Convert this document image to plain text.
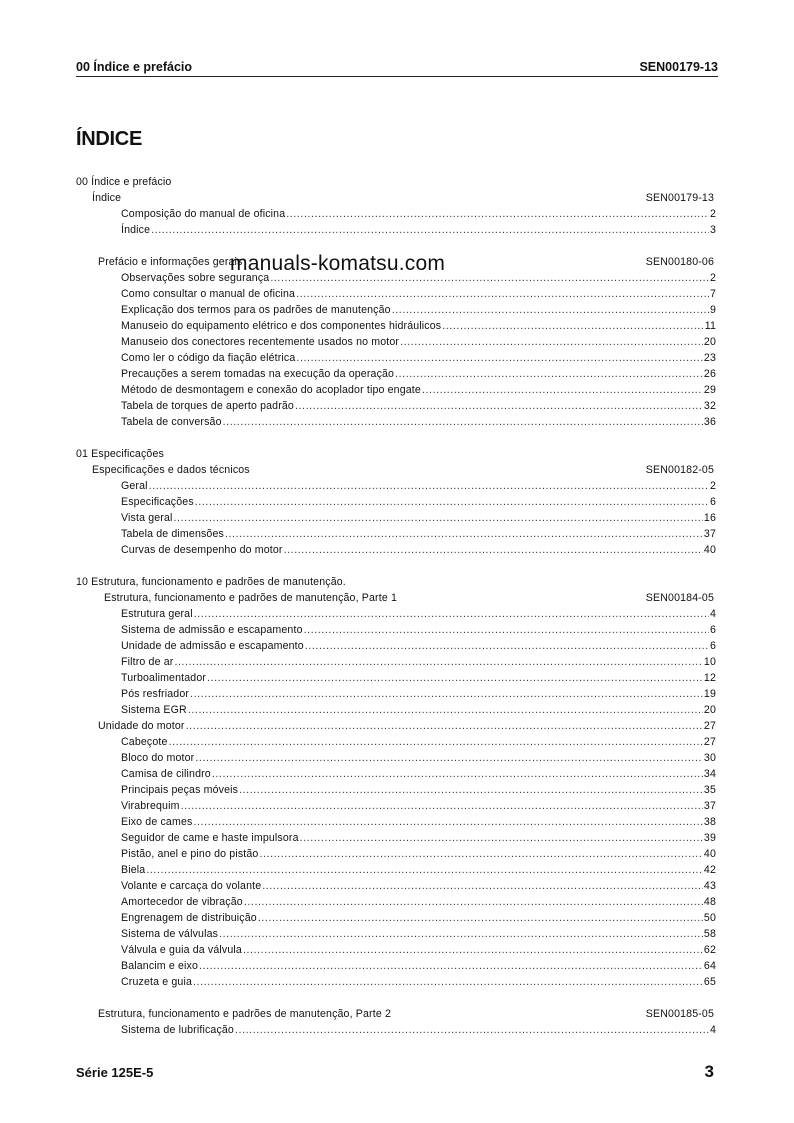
00 Índice e prefácio	SEN00179-13
ÍNDICE
00 Índice e prefácio
Índice	SEN00179-13
Composição do manual de oficina .....	2
Índice .....	3
Prefácio e informações gerais	SEN00180-06
Observações sobre segurança .....	2
Como consultar o manual de oficina .....	7
Explicação dos termos para os padrões de manutenção .....	9
Manuseio do equipamento elétrico e dos componentes hidráulicos .....	11
Manuseio dos conectores recentemente usados no motor .....	20
Como ler o código da fiação elétrica .....	23
Precauções a serem tomadas na execução da operação .....	26
Método de desmontagem e conexão do acoplador tipo engate .....	29
Tabela de torques de aperto padrão .....	32
Tabela de conversão .....	36
01 Especificações
Especificações e dados técnicos	SEN00182-05
Geral .....	2
Especificações .....	6
Vista geral .....	16
Tabela de dimensões .....	37
Curvas de desempenho do motor .....	40
10 Estrutura, funcionamento e padrões de manutenção.
Estrutura, funcionamento e padrões de manutenção, Parte 1	SEN00184-05
Estrutura geral .....	4
Sistema de admissão e escapamento .....	6
Unidade de admissão e escapamento .....	6
Filtro de ar .....	10
Turboalimentador .....	12
Pós resfriador .....	19
Sistema EGR .....	20
Unidade do motor .....	27
Cabeçote .....	27
Bloco do motor .....	30
Camisa de cilindro .....	34
Principais peças móveis .....	35
Virabrequim .....	37
Eixo de cames .....	38
Seguidor de came e haste impulsora .....	39
Pistão, anel e pino do pistão .....	40
Biela .....	42
Volante e carcaça do volante .....	43
Amortecedor de vibração .....	48
Engrenagem de distribuição .....	50
Sistema de válvulas .....	58
Válvula e guia da válvula .....	62
Balancim e eixo .....	64
Cruzeta e guia .....	65
Estrutura, funcionamento e padrões de manutenção, Parte 2	SEN00185-05
Sistema de lubrificação .....	4
manuals-komatsu.com
Série 125E-5	3
